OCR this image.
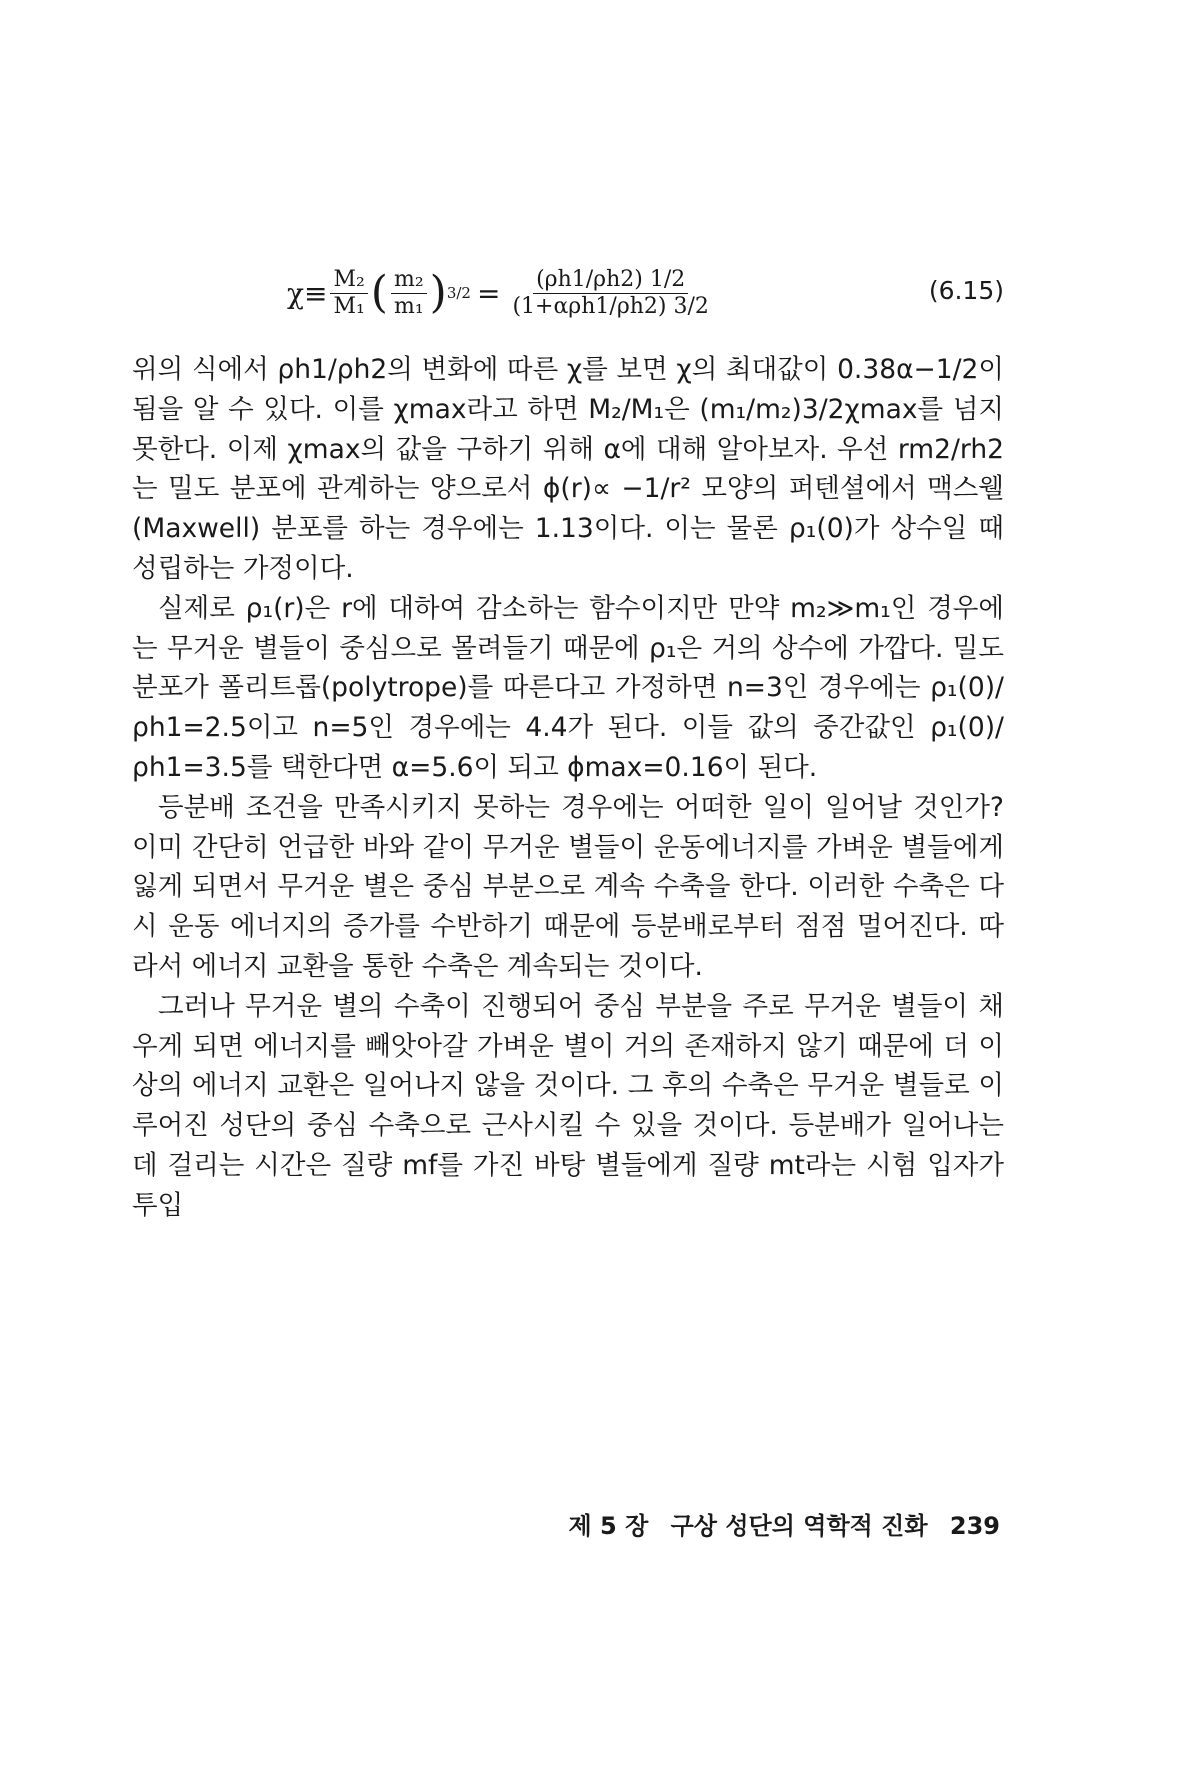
$\chi\equiv \frac{\text{M₂}}{\text{M₁}}$ ( $\frac{\text{m₂}}{\text{m₁}}$ ) $3/2 = \frac{(\rho h1/\rho h2) 1/2}{\text{(1+αρh1/ρh2) 3/2}}$	(6.15)

위의 식에서 ρh1/ρh2의 변화에 따른 χ를 보면 χ의 최대값이 0.38α−1/2이 됨을 알 수 있다. 이를 χmax라고 하면 M₂/M₁은 (m₁/m₂)3/2χmax를 넘지 못한다. 이제 χmax의 값을 구하기 위해 α에 대해 알아보자. 우선 rm2/rh2는 밀도 분포에 관계하는 양으로서 ϕ(r)∝ −1/r² 모양의 퍼텐셜에서 맥스웰(Maxwell) 분포를 하는 경우에는 1.13이다. 이는 물론 ρ₁(0)가 상수일 때 성립하는 가정이다.

실제로 ρ₁(r)은 r에 대하여 감소하는 함수이지만 만약 m₂≫m₁인 경우에는 무거운 별들이 중심으로 몰려들기 때문에 ρ₁은 거의 상수에 가깝다. 밀도 분포가 폴리트롭(polytrope)를 따른다고 가정하면 n=3인 경우에는 ρ₁(0)/ρh1=2.5이고 n=5인 경우에는 4.4가 된다. 이들 값의 중간값인 ρ₁(0)/ρh1=3.5를 택한다면 α=5.6이 되고 ϕmax=0.16이 된다.

등분배 조건을 만족시키지 못하는 경우에는 어떠한 일이 일어날 것인가? 이미 간단히 언급한 바와 같이 무거운 별들이 운동에너지를 가벼운 별들에게 잃게 되면서 무거운 별은 중심 부분으로 계속 수축을 한다. 이러한 수축은 다시 운동 에너지의 증가를 수반하기 때문에 등분배로부터 점점 멀어진다. 따라서 에너지 교환을 통한 수축은 계속되는 것이다.

그러나 무거운 별의 수축이 진행되어 중심 부분을 주로 무거운 별들이 채우게 되면 에너지를 빼앗아갈 가벼운 별이 거의 존재하지 않기 때문에 더 이상의 에너지 교환은 일어나지 않을 것이다. 그 후의 수축은 무거운 별들로 이루어진 성단의 중심 수축으로 근사시킬 수 있을 것이다. 등분배가 일어나는 데 걸리는 시간은 질량 mf를 가진 바탕 별들에게 질량 mt라는 시험 입자가 투입

제 5 장 구상 성단의 역학적 진화 239
